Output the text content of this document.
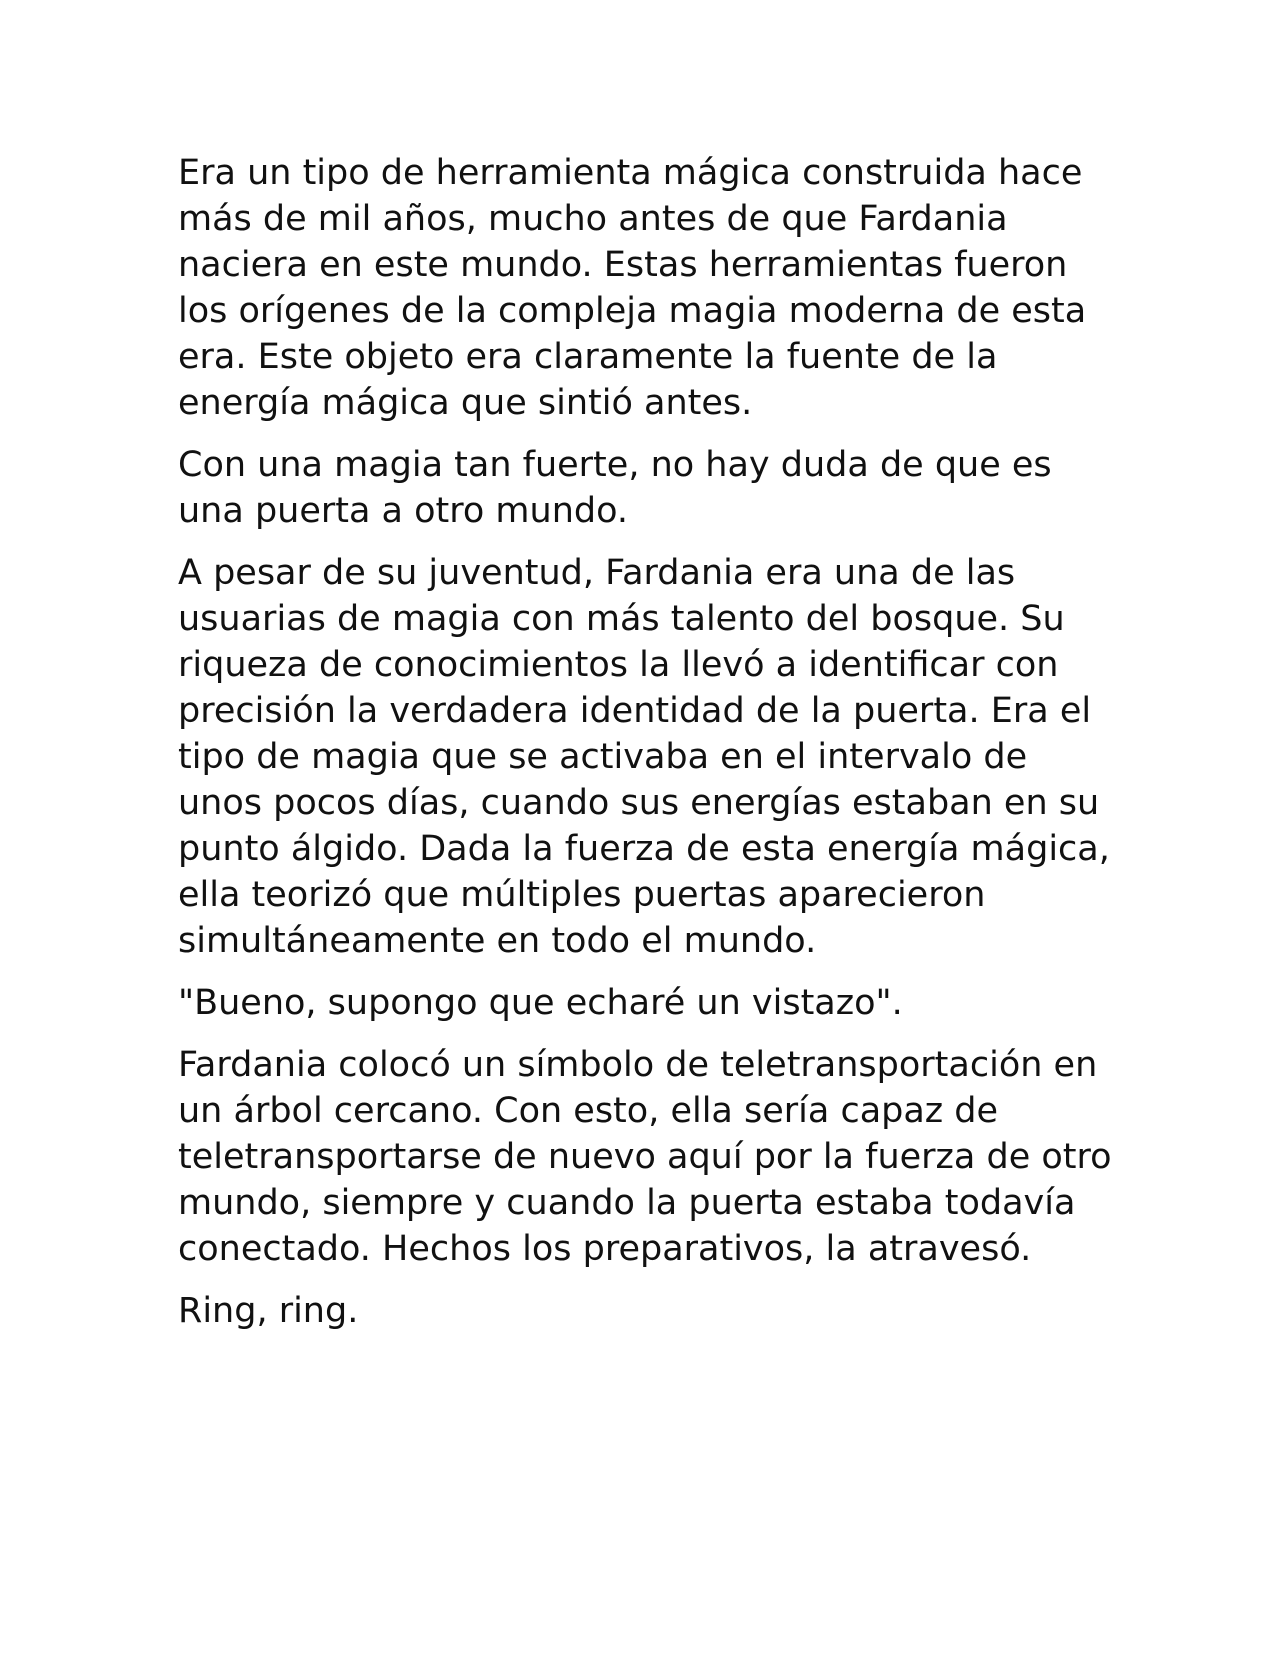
Era un tipo de herramienta mágica construida hace más de mil años, mucho antes de que Fardania naciera en este mundo. Estas herramientas fueron los orígenes de la compleja magia moderna de esta era. Este objeto era claramente la fuente de la energía mágica que sintió antes.

Con una magia tan fuerte, no hay duda de que es una puerta a otro mundo.

A pesar de su juventud, Fardania era una de las usuarias de magia con más talento del bosque. Su riqueza de conocimientos la llevó a identificar con precisión la verdadera identidad de la puerta. Era el tipo de magia que se activaba en el intervalo de unos pocos días, cuando sus energías estaban en su punto álgido. Dada la fuerza de esta energía mágica, ella teorizó que múltiples puertas aparecieron simultáneamente en todo el mundo.

"Bueno, supongo que echaré un vistazo".

Fardania colocó un símbolo de teletransportación en un árbol cercano. Con esto, ella sería capaz de teletransportarse de nuevo aquí por la fuerza de otro mundo, siempre y cuando la puerta estaba todavía conectado. Hechos los preparativos, la atravesó.

Ring, ring.
